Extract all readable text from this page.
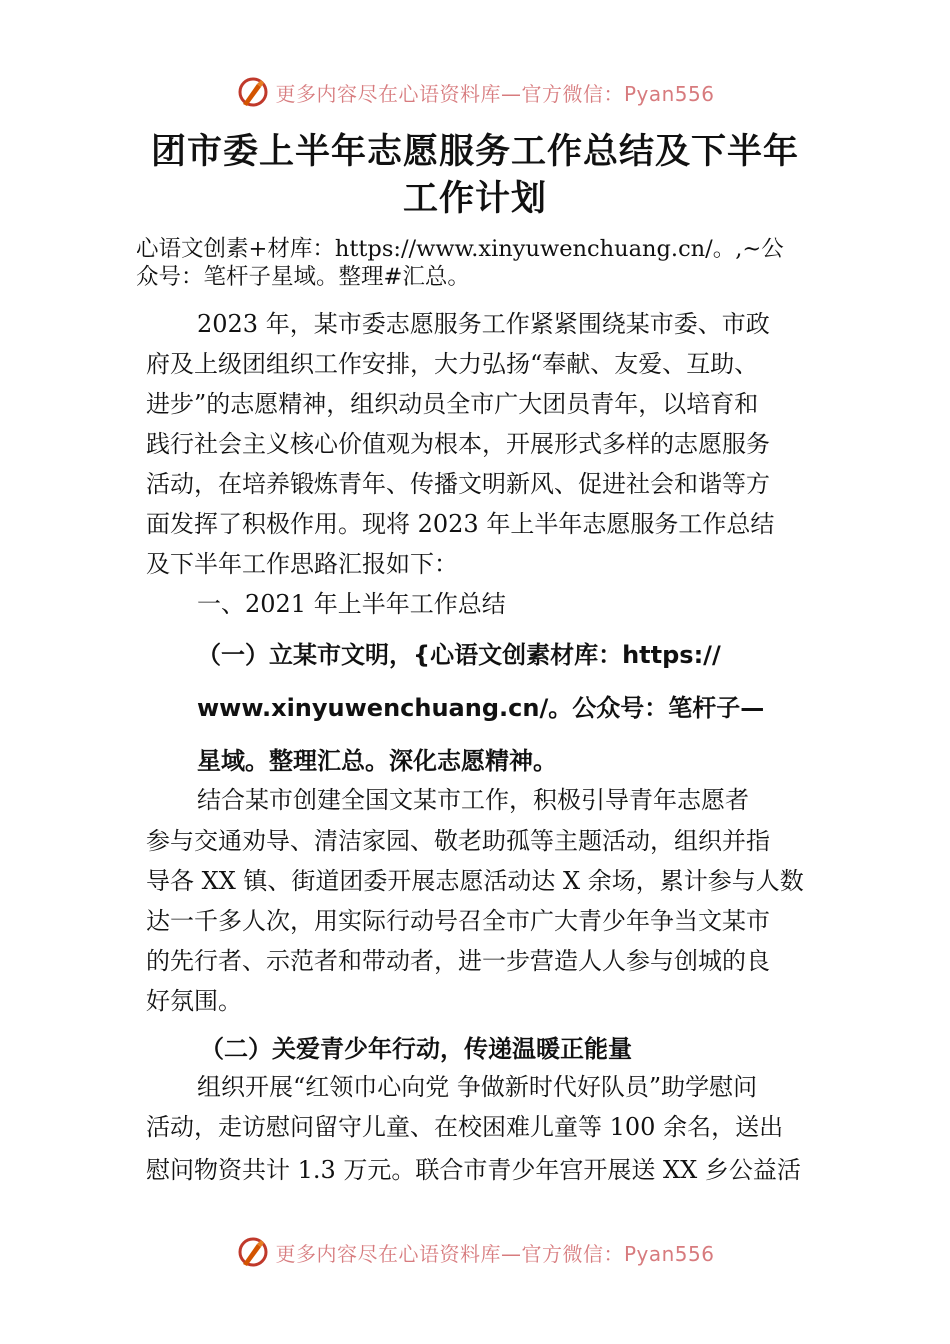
更多内容尽在心语资料库—官方微信：Pyan556
团市委上半年志愿服务工作总结及下半年
工作计划
心语文创素+材库：https://www.xinyuwenchuang.cn/。,~公
众号：笔杆子星域。整理#汇总。
2023 年，某市委志愿服务工作紧紧围绕某市委、市政
府及上级团组织工作安排，大力弘扬“奉献、友爱、互助、
进步”的志愿精神，组织动员全市广大团员青年，以培育和
践行社会主义核心价值观为根本，开展形式多样的志愿服务
活动，在培养锻炼青年、传播文明新风、促进社会和谐等方
面发挥了积极作用。现将 2023 年上半年志愿服务工作总结
及下半年工作思路汇报如下：
一、2021 年上半年工作总结
（一）立某市文明，{心语文创素材库：https://
www.xinyuwenchuang.cn/。公众号：笔杆子—
星域。整理汇总。深化志愿精神。
结合某市创建全国文某市工作，积极引导青年志愿者
参与交通劝导、清洁家园、敬老助孤等主题活动，组织并指
导各 XX 镇、街道团委开展志愿活动达 X 余场，累计参与人数
达一千多人次，用实际行动号召全市广大青少年争当文某市
的先行者、示范者和带动者，进一步营造人人参与创城的良
好氛围。
（二）关爱青少年行动，传递温暖正能量
组织开展“红领巾心向党 争做新时代好队员”助学慰问
活动，走访慰问留守儿童、在校困难儿童等 100 余名，送出
慰问物资共计 1.3 万元。联合市青少年宫开展送 XX 乡公益活
更多内容尽在心语资料库—官方微信：Pyan556
